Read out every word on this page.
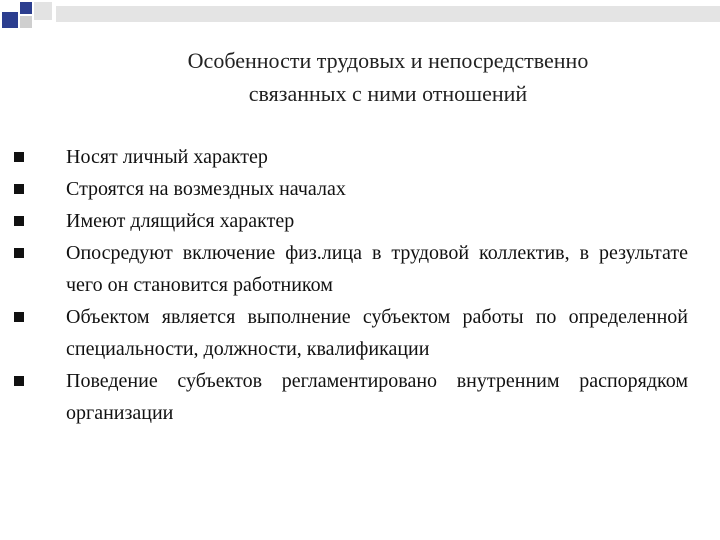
Особенности трудовых и непосредственно
связанных с ними отношений
Носят личный характер
Строятся на возмездных началах
Имеют длящийся характер
Опосредуют включение физ.лица в трудовой коллектив, в результате чего он становится работником
Объектом является выполнение субъектом работы по определенной специальности, должности, квалификации
Поведение субъектов регламентировано внутренним распорядком организации
